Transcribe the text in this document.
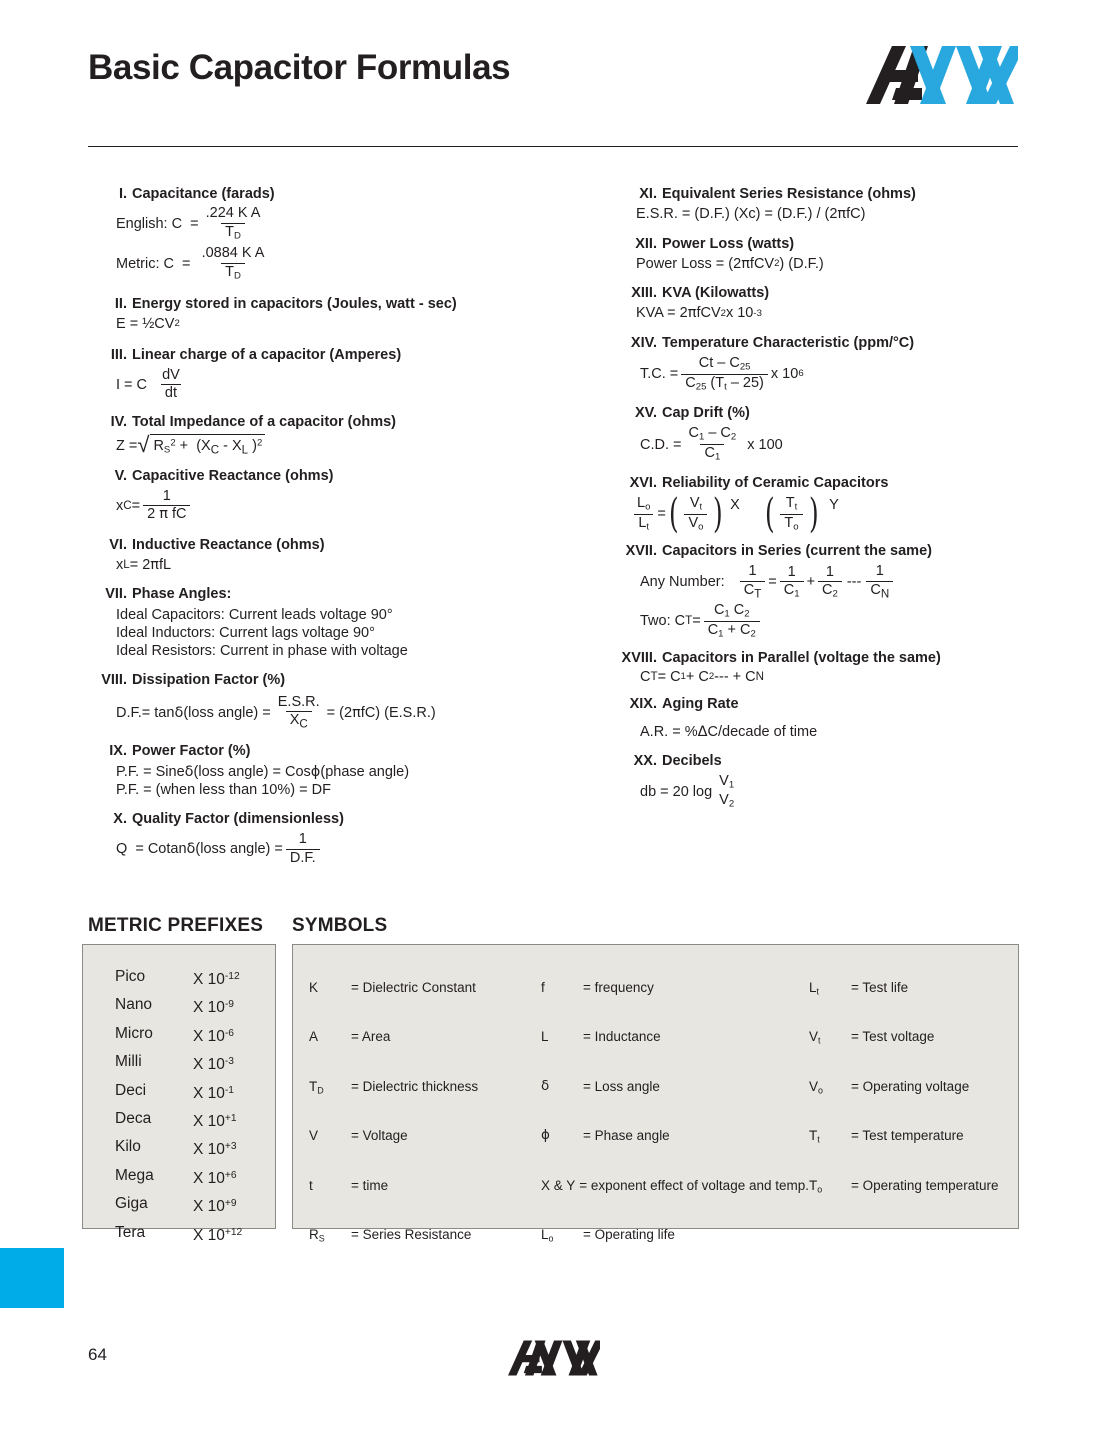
Basic Capacitor Formulas
I. Capacitance (farads)
English: $C = \frac{\text{.224 K A}}{T_D}$
Metric: $C = \frac{\text{.0884 K A}}{T_D}$
II. Energy stored in capacitors (Joules, watt - sec)
E = ½CV 2
III. Linear charge of a capacitor (Amperes)
I = C $\frac{dV}{dt}$
IV. Total Impedance of a capacitor (ohms)
Z = √ $R_S^2 + (X_C - X_L$ )$^2$
V. Capacitive Reactance (ohms)
x $C = \frac{1}{\text{2 π fC}}$
VI. Inductive Reactance (ohms)
x L = 2 π fL
VII. Phase Angles:
Ideal Capacitors: Current leads voltage 90°
Ideal Inductors: Current lags voltage 90°
Ideal Resistors: Current in phase with voltage
VIII. Dissipation Factor (%)
D.F.= tan δ (loss angle) = $\frac{E.S.R.}{X_C} = (2$ π fC) (E.S.R.)
IX. Power Factor (%)
P.F. = Sine δ (loss angle) = Cos ϕ (phase angle)
P.F. = (when less than 10%) = DF
X. Quality Factor (dimensionless)
Q  = Cotan δ (loss angle) = $\frac{1}{D.F.}$
XI. Equivalent Series Resistance (ohms)
E.S.R. = (D.F.) (Xc) = (D.F.) / (2 π fC)
XII. Power Loss (watts)
Power Loss = (2 π fCV 2 ) (D.F.)
XIII. KVA (Kilowatts)
KVA = 2 π fCV 2 x 10 -3
XIV. Temperature Characteristic (ppm/°C)
T.C. = $\frac{Ct - C_{25}}{C_{25} (T_t - 25)}$ x 10 6
XV. Cap Drift (%)
C.D. = $\frac{C_1 - C_2}{C_1}$ x 100
XVI. Reliability of Ceramic Capacitors
$\frac{L_o}{L_t}$ = ( $\frac{V_t}{V_o}$ ) X ( $\frac{T_t}{T_o}$ ) Y
XVII. Capacitors in Series (current the same)
Any Number: $\frac{1}{C_T} = \frac{1}{C_1} + \frac{1}{C_2}$ --- $\frac{1}{C_N}$
Two: C $T = \frac{C_1 C_2}{C_1 + C_2}$
XVIII. Capacitors in Parallel (voltage the same)
C T = C 1 + C 2 --- + C N
XIX. Aging Rate
A.R. = % Δ C/decade of time
XX. Decibels
db = 20 log
$V_1$
$V_2$
METRIC PREFIXES SYMBOLS
Pico	X $10^{-12}$
Nano	X $10^{-9}$
Micro	X $10^{-6}$
Milli	X $10^{-3}$
Deci	X $10^{-1}$
Deca	X $10^{+1}$
Kilo	X $10^{+3}$
Mega	X $10^{+6}$
Giga	X $10^{+9}$
Tera	X $10^{+12}$
K	= Dielectric Constant	f	= frequency	$L_t$	= Test life
A	= Area	L	= Inductance	$V_t$	= Test voltage
$T_D$	= Dielectric thickness	δ	= Loss angle	$V_o$	= Operating voltage
V	= Voltage	ϕ	= Phase angle	$T_t$	= Test temperature
t	= time	X & Y = exponent effect of voltage and temp. $T_o$	= Operating temperature
$R_S$	= Series Resistance	$L_o$	= Operating life
64
